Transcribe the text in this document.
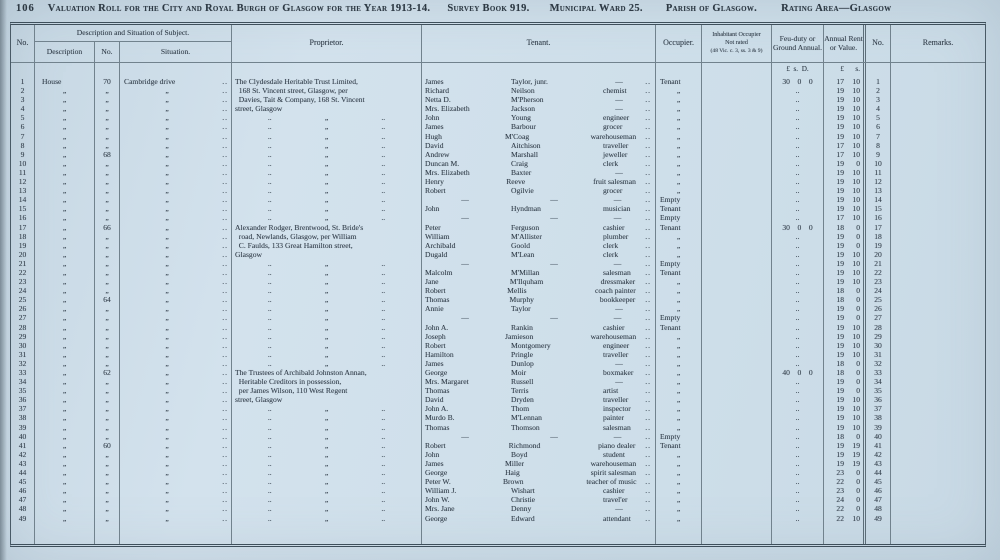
106 Valuation Roll for the City and Royal Burgh of Glasgow for the Year 1913-14. Survey Book 919. Municipal Ward 25. Parish of Glasgow. Rating Area—Glasgow
No.
Description and Situation of Subject.
Description	No.	Situation.
Proprietor.	Tenant.	Occupier.
Inhabitant Occupier
Not rated
(48 Vic. c. 3, ss. 3 & 9)
Feu-duty or Ground Annual.
Annual Rent or Value.	No.	Remarks.
£ s. D.	£	s.
1	House	70	Cambridge drive	.. The Clydesdale Heritable Trust Limited,	James	Taylor, junr.	—	..	Tenant	30  0  0	17	10	1
2	„	„	„	..  168 St. Vincent street, Glasgow, per	Richard	Neilson	chemist	..	„	..	19	10	2
3	„	„	„	..  Davies, Tait & Company, 168 St. Vincent	Netta D.	M'Pherson	—	..	„	..	19	10	3
4	„	„	„	.. street, Glasgow	Mrs. Elizabeth	Jackson	—	..	„	..	19	10	4
5	„	„	„	..	..       „       ..	John	Young	engineer	..	„	..	19	10	5
6	„	„	„	..	..       „       ..	James	Barbour	grocer	..	„	..	19	10	6
7	„	„	„	..	..       „       ..	Hugh	M'Coag	warehouseman	..	„	..	19	10	7
8	„	„	„	..	..       „       ..	David	Aitchison	traveller	..	„	..	17	10	8
9	„	68	„	..	..       „       ..	Andrew	Marshall	jeweller	..	„	..	17	10	9
10	„	„	„	..	..       „       ..	Duncan M.	Craig	clerk	..	„	..	19	0	10
11	„	„	„	..	..       „       ..	Mrs. Elizabeth	Baxter	—	..	„	..	19	10	11
12	„	„	„	..	..       „       ..	Henry	Reeve	fruit salesman	..	„	..	19	10	12
13	„	„	„	..	..       „       ..	Robert	Ogilvie	grocer	..	„	..	19	10	13
14	„	„	„	..	..       „       ..	—	—	—	..	Empty	..	19	10	14
15	„	„	„	..	..       „       ..	John	Hyndman	musician	..	Tenant	..	19	10	15
16	„	„	„	..	..       „       ..	—	—	—	..	Empty	..	17	10	16
17	„	66	„	.. Alexander Rodger, Brentwood, St. Bride's	Peter	Ferguson	cashier	..	Tenant	30  0  0	18	0	17
18	„	„	„	..  road, Newlands, Glasgow, per William	William	M'Allister	plumber	..	„	..	19	0	18
19	„	„	„	..  C. Faulds, 133 Great Hamilton street,	Archibald	Goold	clerk	..	„	..	19	0	19
20	„	„	„	.. Glasgow	Dugald	M'Lean	clerk	..	„	..	19	10	20
21	„	„	„	..	..       „       ..	—	—	—	..	Empty	..	19	10	21
22	„	„	„	..	..       „       ..	Malcolm	M'Millan	salesman	..	Tenant	..	19	10	22
23	„	„	„	..	..       „       ..	Jane	M'Ilquham	dressmaker	..	„	..	19	10	23
24	„	„	„	..	..       „       ..	Robert	Mellis	coach painter	..	„	..	18	0	24
25	„	64	„	..	..       „       ..	Thomas	Murphy	bookkeeper	..	„	..	18	0	25
26	„	„	„	..	..       „       ..	Annie	Taylor	—	..	„	..	19	0	26
27	„	„	„	..	..       „       ..	—	—	—	..	Empty	..	19	0	27
28	„	„	„	..	..       „       ..	John A.	Rankin	cashier	..	Tenant	..	19	10	28
29	„	„	„	..	..       „       ..	Joseph	Jamieson	warehouseman	..	„	..	19	10	29
30	„	„	„	..	..       „       ..	Robert	Montgomery	engineer	..	„	..	19	10	30
31	„	„	„	..	..       „       ..	Hamilton	Pringle	traveller	..	„	..	19	10	31
32	„	„	„	..	..       „       ..	James	Dunlop	—	..	„	..	18	0	32
33	„	62	„	.. The Trustees of Archibald Johnston Annan,	George	Moir	boxmaker	..	„	40  0  0	18	0	33
34	„	„	„	..  Heritable Creditors in possession,	Mrs. Margaret	Russell	—	..	„	..	19	0	34
35	„	„	„	..  per James Wilson, 110 West Regent	Thomas	Terris	artist	..	„	..	19	0	35
36	„	„	„	.. street, Glasgow	David	Dryden	traveller	..	„	..	19	10	36
37	„	„	„	..	..       „       ..	John A.	Thom	inspector	..	„	..	19	10	37
38	„	„	„	..	..       „       ..	Murdo B.	M'Lennan	painter	..	„	..	19	10	38
39	„	„	„	..	..       „       ..	Thomas	Thomson	salesman	..	„	..	19	10	39
40	„	„	„	..	..       „       ..	—	—	—	..	Empty	..	18	0	40
41	„	60	„	..	..       „       ..	Robert	Richmond	piano dealer	..	Tenant	..	19	19	41
42	„	„	„	..	..       „       ..	John	Boyd	student	..	„	..	19	19	42
43	„	„	„	..	..       „       ..	James	Miller	warehouseman	..	„	..	19	19	43
44	„	„	„	..	..       „       ..	George	Haig	spirit salesman	..	„	..	23	0	44
45	„	„	„	..	..       „       ..	Peter W.	Brown	teacher of music	..	„	..	22	0	45
46	„	„	„	..	..       „       ..	William J.	Wishart	cashier	..	„	..	23	0	46
47	„	„	„	..	..       „       ..	John W.	Christie	travel'er	..	„	..	24	0	47
48	„	„	„	..	..       „       ..	Mrs. Jane	Denny	—	..	„	..	22	0	48
49	„	„	„	..	..       „       ..	George	Edward	attendant	..	„	..	22	10	49
